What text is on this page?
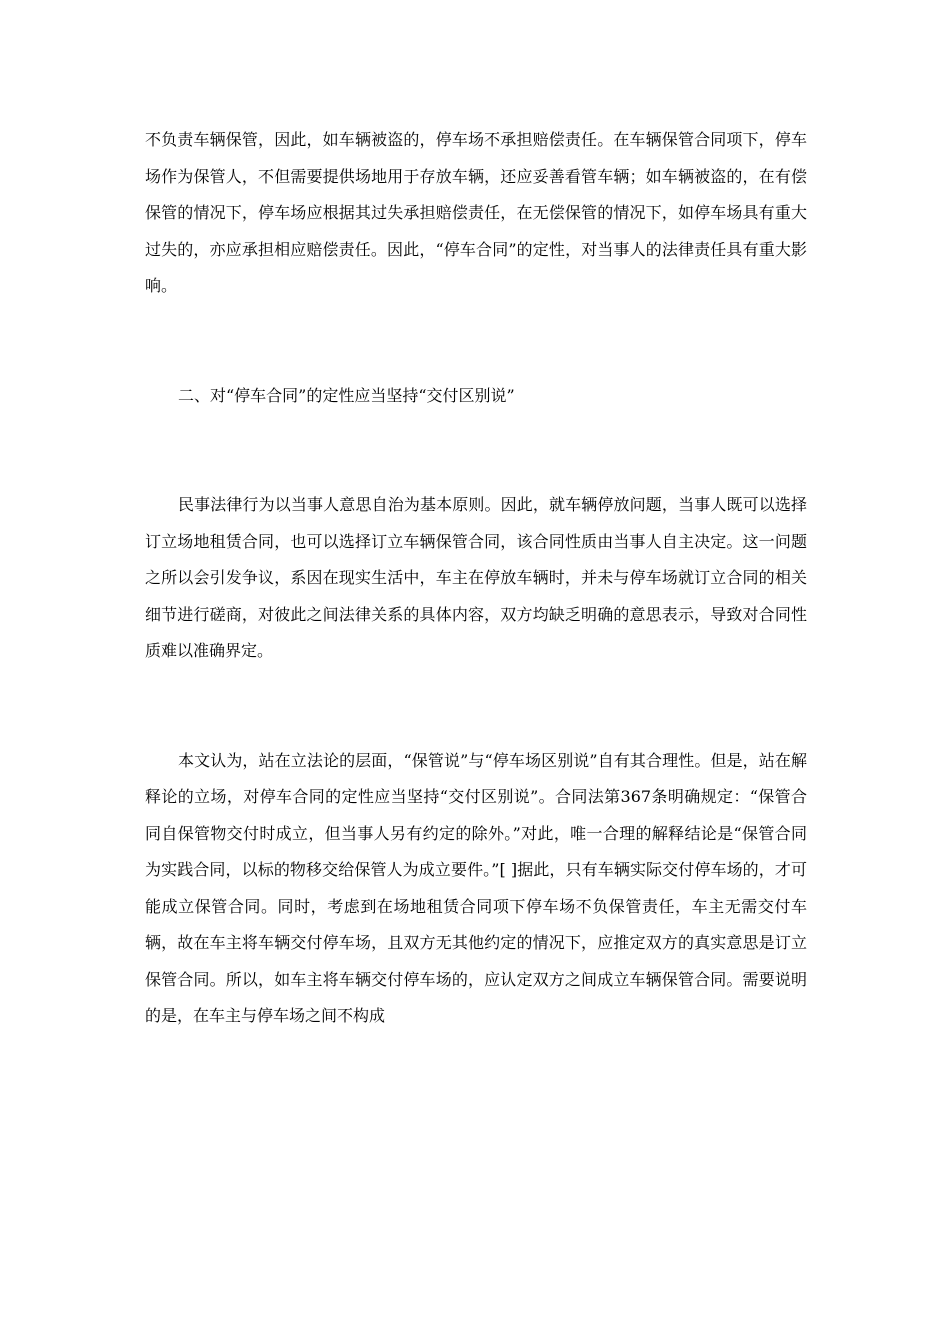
不负责车辆保管，因此，如车辆被盗的，停车场不承担赔偿责任。在车辆保管合同项下，停车场作为保管人，不但需要提供场地用于存放车辆，还应妥善看管车辆；如车辆被盗的，在有偿保管的情况下，停车场应根据其过失承担赔偿责任，在无偿保管的情况下，如停车场具有重大过失的，亦应承担相应赔偿责任。因此，“停车合同”的定性，对当事人的法律责任具有重大影响。

二、对“停车合同”的定性应当坚持“交付区别说”

民事法律行为以当事人意思自治为基本原则。因此，就车辆停放问题，当事人既可以选择订立场地租赁合同，也可以选择订立车辆保管合同，该合同性质由当事人自主决定。这一问题之所以会引发争议，系因在现实生活中，车主在停放车辆时，并未与停车场就订立合同的相关细节进行磋商，对彼此之间法律关系的具体内容，双方均缺乏明确的意思表示，导致对合同性质难以准确界定。

本文认为，站在立法论的层面，“保管说”与“停车场区别说”自有其合理性。但是，站在解释论的立场，对停车合同的定性应当坚持“交付区别说”。合同法第367条明确规定：“保管合同自保管物交付时成立，但当事人另有约定的除外。”对此，唯一合理的解释结论是“保管合同为实践合同，以标的物移交给保管人为成立要件。”[ ]据此，只有车辆实际交付停车场的，才可能成立保管合同。同时，考虑到在场地租赁合同项下停车场不负保管责任，车主无需交付车辆，故在车主将车辆交付停车场，且双方无其他约定的情况下，应推定双方的真实意思是订立保管合同。所以，如车主将车辆交付停车场的，应认定双方之间成立车辆保管合同。需要说明的是，在车主与停车场之间不构成
